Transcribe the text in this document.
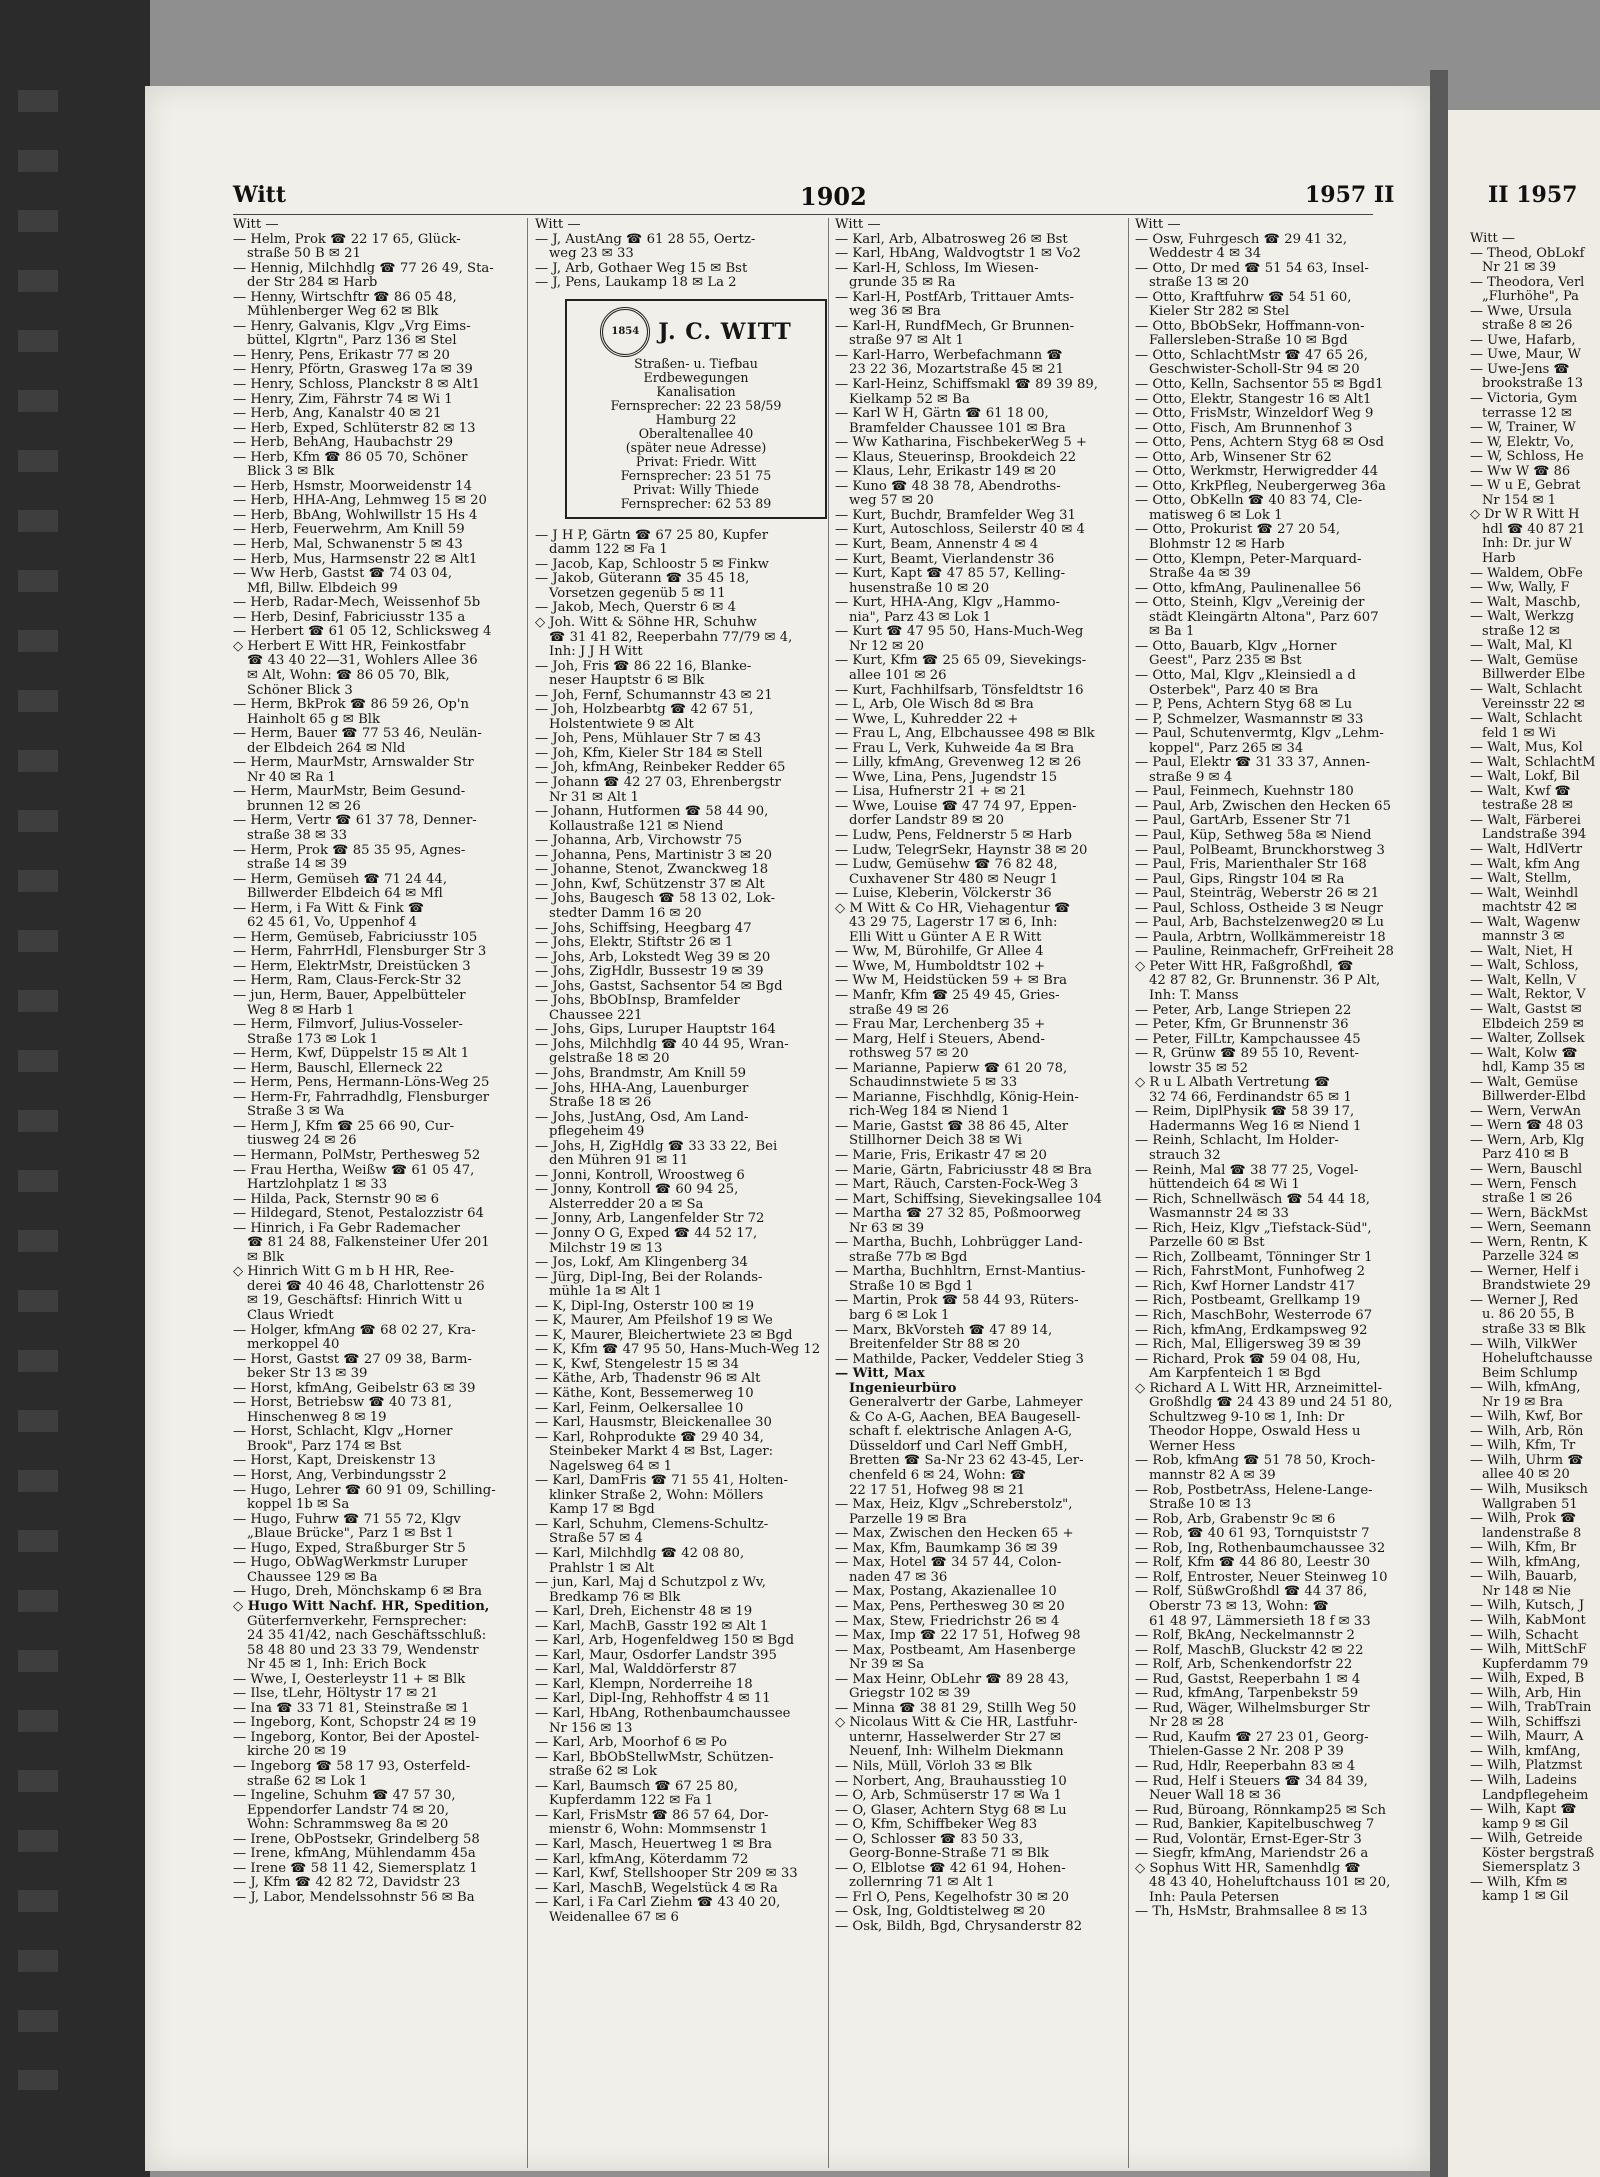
Witt	1902	1957 II	II 1957
Witt —
— Helm, Prok ☎ 22 17 65, Glück-
straße 50 B ✉ 21
— Hennig, Milchhdlg ☎ 77 26 49, Sta-
der Str 284 ✉ Harb
— Henny, Wirtschftr ☎ 86 05 48,
Mühlenberger Weg 62 ✉ Blk
— Henry, Galvanis, Klgv „Vrg Eims-
büttel, Klgrtn", Parz 136 ✉ Stel
— Henry, Pens, Erikastr 77 ✉ 20
— Henry, Pförtn, Grasweg 17a ✉ 39
— Henry, Schloss, Planckstr 8 ✉ Alt1
— Henry, Zim, Fährstr 74 ✉ Wi 1
— Herb, Ang, Kanalstr 40 ✉ 21
— Herb, Exped, Schlüterstr 82 ✉ 13
— Herb, BehAng, Haubachstr 29
— Herb, Kfm ☎ 86 05 70, Schöner
Blick 3 ✉ Blk
— Herb, Hsmstr, Moorweidenstr 14
— Herb, HHA-Ang, Lehmweg 15 ✉ 20
— Herb, BbAng, Wohlwillstr 15 Hs 4
— Herb, Feuerwehrm, Am Knill 59
— Herb, Mal, Schwanenstr 5 ✉ 43
— Herb, Mus, Harmsenstr 22 ✉ Alt1
— Ww Herb, Gastst ☎ 74 03 04,
Mfl, Billw. Elbdeich 99
— Herb, Radar-Mech, Weissenhof 5b
— Herb, Desinf, Fabriciusstr 135 a
— Herbert ☎ 61 05 12, Schlicksweg 4
◇ Herbert E Witt HR, Feinkostfabr
☎ 43 40 22—31, Wohlers Allee 36
✉ Alt, Wohn: ☎ 86 05 70, Blk,
Schöner Blick 3
— Herm, BkProk ☎ 86 59 26, Op'n
Hainholt 65 g ✉ Blk
— Herm, Bauer ☎ 77 53 46, Neulän-
der Elbdeich 264 ✉ Nld
— Herm, MaurMstr, Arnswalder Str
Nr 40 ✉ Ra 1
— Herm, MaurMstr, Beim Gesund-
brunnen 12 ✉ 26
— Herm, Vertr ☎ 61 37 78, Denner-
straße 38 ✉ 33
— Herm, Prok ☎ 85 35 95, Agnes-
straße 14 ✉ 39
— Herm, Gemüseh ☎ 71 24 44,
Billwerder Elbdeich 64 ✉ Mfl
— Herm, i Fa Witt & Fink ☎
62 45 61, Vo, Uppenhof 4
— Herm, Gemüseb, Fabriciusstr 105
— Herm, FahrrHdl, Flensburger Str 3
— Herm, ElektrMstr, Dreistücken 3
— Herm, Ram, Claus-Ferck-Str 32
— jun, Herm, Bauer, Appelbütteler
Weg 8 ✉ Harb 1
— Herm, Filmvorf, Julius-Vosseler-
Straße 173 ✉ Lok 1
— Herm, Kwf, Düppelstr 15 ✉ Alt 1
— Herm, Bauschl, Ellerneck 22
— Herm, Pens, Hermann-Löns-Weg 25
— Herm-Fr, Fahrradhdlg, Flensburger
Straße 3 ✉ Wa
— Herm J, Kfm ☎ 25 66 90, Cur-
tiusweg 24 ✉ 26
— Hermann, PolMstr, Perthesweg 52
— Frau Hertha, Weißw ☎ 61 05 47,
Hartzlohplatz 1 ✉ 33
— Hilda, Pack, Sternstr 90 ✉ 6
— Hildegard, Stenot, Pestalozzistr 64
— Hinrich, i Fa Gebr Rademacher
☎ 81 24 88, Falkensteiner Ufer 201
✉ Blk
◇ Hinrich Witt G m b H HR, Ree-
derei ☎ 40 46 48, Charlottenstr 26
✉ 19, Geschäftsf: Hinrich Witt u
Claus Wriedt
— Holger, kfmAng ☎ 68 02 27, Kra-
merkoppel 40
— Horst, Gastst ☎ 27 09 38, Barm-
beker Str 13 ✉ 39
— Horst, kfmAng, Geibelstr 63 ✉ 39
— Horst, Betriebsw ☎ 40 73 81,
Hinschenweg 8 ✉ 19
— Horst, Schlacht, Klgv „Horner
Brook", Parz 174 ✉ Bst
— Horst, Kapt, Dreiskenstr 13
— Horst, Ang, Verbindungsstr 2
— Hugo, Lehrer ☎ 60 91 09, Schilling-
koppel 1b ✉ Sa
— Hugo, Fuhrw ☎ 71 55 72, Klgv
„Blaue Brücke", Parz 1 ✉ Bst 1
— Hugo, Exped, Straßburger Str 5
— Hugo, ObWagWerkmstr Luruper
Chaussee 129 ✉ Ba
— Hugo, Dreh, Mönchskamp 6 ✉ Bra
◇ Hugo Witt Nachf. HR, Spedition,
Güterfernverkehr, Fernsprecher:
24 35 41/42, nach Geschäftsschluß:
58 48 80 und 23 33 79, Wendenstr
Nr 45 ✉ 1, Inh: Erich Bock
— Wwe, I, Oesterleystr 11 + ✉ Blk
— Ilse, tLehr, Höltystr 17 ✉ 21
— Ina ☎ 33 71 81, Steinstraße ✉ 1
— Ingeborg, Kont, Schopstr 24 ✉ 19
— Ingeborg, Kontor, Bei der Apostel-
kirche 20 ✉ 19
— Ingeborg ☎ 58 17 93, Osterfeld-
straße 62 ✉ Lok 1
— Ingeline, Schuhm ☎ 47 57 30,
Eppendorfer Landstr 74 ✉ 20,
Wohn: Schrammsweg 8a ✉ 20
— Irene, ObPostsekr, Grindelberg 58
— Irene, kfmAng, Mühlendamm 45a
— Irene ☎ 58 11 42, Siemersplatz 1
— J, Kfm ☎ 42 82 72, Davidstr 23
— J, Labor, Mendelssohnstr 56 ✉ Ba
Witt —
— J, AustAng ☎ 61 28 55, Oertz-
weg 23 ✉ 33
— J, Arb, Gothaer Weg 15 ✉ Bst
— J, Pens, Laukamp 18 ✉ La 2
1854 J. C. WITT
Straßen- u. Tiefbau
Erdbewegungen
Kanalisation
Fernsprecher: 22 23 58/59
Hamburg 22
Oberaltenallee 40
(später neue Adresse)
Privat: Friedr. Witt
Fernsprecher: 23 51 75
Privat: Willy Thiede
Fernsprecher: 62 53 89
— J H P, Gärtn ☎ 67 25 80, Kupfer
damm 122 ✉ Fa 1
— Jacob, Kap, Schloostr 5 ✉ Finkw
— Jakob, Güterann ☎ 35 45 18,
Vorsetzen gegenüb 5 ✉ 11
— Jakob, Mech, Querstr 6 ✉ 4
◇ Joh. Witt & Söhne HR, Schuhw
☎ 31 41 82, Reeperbahn 77/79 ✉ 4,
Inh: J J H Witt
— Joh, Fris ☎ 86 22 16, Blanke-
neser Hauptstr 6 ✉ Blk
— Joh, Fernf, Schumannstr 43 ✉ 21
— Joh, Holzbearbtg ☎ 42 67 51,
Holstentwiete 9 ✉ Alt
— Joh, Pens, Mühlauer Str 7 ✉ 43
— Joh, Kfm, Kieler Str 184 ✉ Stell
— Joh, kfmAng, Reinbeker Redder 65
— Johann ☎ 42 27 03, Ehrenbergstr
Nr 31 ✉ Alt 1
— Johann, Hutformen ☎ 58 44 90,
Kollaustraße 121 ✉ Niend
— Johanna, Arb, Virchowstr 75
— Johanna, Pens, Martinistr 3 ✉ 20
— Johanne, Stenot, Zwanckweg 18
— John, Kwf, Schützenstr 37 ✉ Alt
— Johs, Baugesch ☎ 58 13 02, Lok-
stedter Damm 16 ✉ 20
— Johs, Schiffsing, Heegbarg 47
— Johs, Elektr, Stiftstr 26 ✉ 1
— Johs, Arb, Lokstedt Weg 39 ✉ 20
— Johs, ZigHdlr, Bussestr 19 ✉ 39
— Johs, Gastst, Sachsentor 54 ✉ Bgd
— Johs, BbObInsp, Bramfelder
Chaussee 221
— Johs, Gips, Luruper Hauptstr 164
— Johs, Milchhdlg ☎ 40 44 95, Wran-
gelstraße 18 ✉ 20
— Johs, Brandmstr, Am Knill 59
— Johs, HHA-Ang, Lauenburger
Straße 18 ✉ 26
— Johs, JustAng, Osd, Am Land-
pflegeheim 49
— Johs, H, ZigHdlg ☎ 33 33 22, Bei
den Mühren 91 ✉ 11
— Jonni, Kontroll, Wroostweg 6
— Jonny, Kontroll ☎ 60 94 25,
Alsterredder 20 a ✉ Sa
— Jonny, Arb, Langenfelder Str 72
— Jonny O G, Exped ☎ 44 52 17,
Milchstr 19 ✉ 13
— Jos, Lokf, Am Klingenberg 34
— Jürg, Dipl-Ing, Bei der Rolands-
mühle 1a ✉ Alt 1
— K, Dipl-Ing, Osterstr 100 ✉ 19
— K, Maurer, Am Pfeilshof 19 ✉ We
— K, Maurer, Bleichertwiete 23 ✉ Bgd
— K, Kfm ☎ 47 95 50, Hans-Much-Weg 12
— K, Kwf, Stengelestr 15 ✉ 34
— Käthe, Arb, Thadenstr 96 ✉ Alt
— Käthe, Kont, Bessemerweg 10
— Karl, Feinm, Oelkersallee 10
— Karl, Hausmstr, Bleickenallee 30
— Karl, Rohprodukte ☎ 29 40 34,
Steinbeker Markt 4 ✉ Bst, Lager:
Nagelsweg 64 ✉ 1
— Karl, DamFris ☎ 71 55 41, Holten-
klinker Straße 2, Wohn: Möllers
Kamp 17 ✉ Bgd
— Karl, Schuhm, Clemens-Schultz-
Straße 57 ✉ 4
— Karl, Milchhdlg ☎ 42 08 80,
Prahlstr 1 ✉ Alt
— jun, Karl, Maj d Schutzpol z Wv,
Bredkamp 76 ✉ Blk
— Karl, Dreh, Eichenstr 48 ✉ 19
— Karl, MachB, Gasstr 192 ✉ Alt 1
— Karl, Arb, Hogenfeldweg 150 ✉ Bgd
— Karl, Maur, Osdorfer Landstr 395
— Karl, Mal, Walddörferstr 87
— Karl, Klempn, Norderreihe 18
— Karl, Dipl-Ing, Rehhoffstr 4 ✉ 11
— Karl, HbAng, Rothenbaumchaussee
Nr 156 ✉ 13
— Karl, Arb, Moorhof 6 ✉ Po
— Karl, BbObStellwMstr, Schützen-
straße 62 ✉ Lok
— Karl, Baumsch ☎ 67 25 80,
Kupferdamm 122 ✉ Fa 1
— Karl, FrisMstr ☎ 86 57 64, Dor-
mienstr 6, Wohn: Mommsenstr 1
— Karl, Masch, Heuertweg 1 ✉ Bra
— Karl, kfmAng, Köterdamm 72
— Karl, Kwf, Stellshooper Str 209 ✉ 33
— Karl, MaschB, Wegelstück 4 ✉ Ra
— Karl, i Fa Carl Ziehm ☎ 43 40 20,
Weidenallee 67 ✉ 6
Witt —
— Karl, Arb, Albatrosweg 26 ✉ Bst
— Karl, HbAng, Waldvogtstr 1 ✉ Vo2
— Karl-H, Schloss, Im Wiesen-
grunde 35 ✉ Ra
— Karl-H, PostfArb, Trittauer Amts-
weg 36 ✉ Bra
— Karl-H, RundfMech, Gr Brunnen-
straße 97 ✉ Alt 1
— Karl-Harro, Werbefachmann ☎
23 22 36, Mozartstraße 45 ✉ 21
— Karl-Heinz, Schiffsmakl ☎ 89 39 89,
Kielkamp 52 ✉ Ba
— Karl W H, Gärtn ☎ 61 18 00,
Bramfelder Chaussee 101 ✉ Bra
— Ww Katharina, FischbekerWeg 5 +
— Klaus, Steuerinsp, Brookdeich 22
— Klaus, Lehr, Erikastr 149 ✉ 20
— Kuno ☎ 48 38 78, Abendroths-
weg 57 ✉ 20
— Kurt, Buchdr, Bramfelder Weg 31
— Kurt, Autoschloss, Seilerstr 40 ✉ 4
— Kurt, Beam, Annenstr 4 ✉ 4
— Kurt, Beamt, Vierlandenstr 36
— Kurt, Kapt ☎ 47 85 57, Kelling-
husenstraße 10 ✉ 20
— Kurt, HHA-Ang, Klgv „Hammo-
nia", Parz 43 ✉ Lok 1
— Kurt ☎ 47 95 50, Hans-Much-Weg
Nr 12 ✉ 20
— Kurt, Kfm ☎ 25 65 09, Sievekings-
allee 101 ✉ 26
— Kurt, Fachhilfsarb, Tönsfeldtstr 16
— L, Arb, Ole Wisch 8d ✉ Bra
— Wwe, L, Kuhredder 22 +
— Frau L, Ang, Elbchaussee 498 ✉ Blk
— Frau L, Verk, Kuhweide 4a ✉ Bra
— Lilly, kfmAng, Grevenweg 12 ✉ 26
— Wwe, Lina, Pens, Jugendstr 15
— Lisa, Hufnerstr 21 + ✉ 21
— Wwe, Louise ☎ 47 74 97, Eppen-
dorfer Landstr 89 ✉ 20
— Ludw, Pens, Feldnerstr 5 ✉ Harb
— Ludw, TelegrSekr, Haynstr 38 ✉ 20
— Ludw, Gemüsehw ☎ 76 82 48,
Cuxhavener Str 480 ✉ Neugr 1
— Luise, Kleberin, Völckerstr 36
◇ M Witt & Co HR, Viehagentur ☎
43 29 75, Lagerstr 17 ✉ 6, Inh:
Elli Witt u Günter A E R Witt
— Ww, M, Bürohilfe, Gr Allee 4
— Wwe, M, Humboldtstr 102 +
— Ww M, Heidstücken 59 + ✉ Bra
— Manfr, Kfm ☎ 25 49 45, Gries-
straße 49 ✉ 26
— Frau Mar, Lerchenberg 35 +
— Marg, Helf i Steuers, Abend-
rothsweg 57 ✉ 20
— Marianne, Papierw ☎ 61 20 78,
Schaudinnstwiete 5 ✉ 33
— Marianne, Fischhdlg, König-Hein-
rich-Weg 184 ✉ Niend 1
— Marie, Gastst ☎ 38 86 45, Alter
Stillhorner Deich 38 ✉ Wi
— Marie, Fris, Erikastr 47 ✉ 20
— Marie, Gärtn, Fabriciusstr 48 ✉ Bra
— Mart, Räuch, Carsten-Fock-Weg 3
— Mart, Schiffsing, Sievekingsallee 104
— Martha ☎ 27 32 85, Poßmoorweg
Nr 63 ✉ 39
— Martha, Buchh, Lohbrügger Land-
straße 77b ✉ Bgd
— Martha, Buchhltrn, Ernst-Mantius-
Straße 10 ✉ Bgd 1
— Martin, Prok ☎ 58 44 93, Rüters-
barg 6 ✉ Lok 1
— Marx, BkVorsteh ☎ 47 89 14,
Breitenfelder Str 88 ✉ 20
— Mathilde, Packer, Veddeler Stieg 3
— Witt, Max
Ingenieurbüro
Generalvertr der Garbe, Lahmeyer
& Co A-G, Aachen, BEA Baugesell-
schaft f. elektrische Anlagen A-G,
Düsseldorf und Carl Neff GmbH,
Bretten ☎ Sa-Nr 23 62 43-45, Ler-
chenfeld 6 ✉ 24, Wohn: ☎
22 17 51, Hofweg 98 ✉ 21
— Max, Heiz, Klgv „Schreberstolz",
Parzelle 19 ✉ Bra
— Max, Zwischen den Hecken 65 +
— Max, Kfm, Baumkamp 36 ✉ 39
— Max, Hotel ☎ 34 57 44, Colon-
naden 47 ✉ 36
— Max, Postang, Akazienallee 10
— Max, Pens, Perthesweg 30 ✉ 20
— Max, Stew, Friedrichstr 26 ✉ 4
— Max, Imp ☎ 22 17 51, Hofweg 98
— Max, Postbeamt, Am Hasenberge
Nr 39 ✉ Sa
— Max Heinr, ObLehr ☎ 89 28 43,
Griegstr 102 ✉ 39
— Minna ☎ 38 81 29, Stillh Weg 50
◇ Nicolaus Witt & Cie HR, Lastfuhr-
unternr, Hasselwerder Str 27 ✉
Neuenf, Inh: Wilhelm Diekmann
— Nils, Müll, Vörloh 33 ✉ Blk
— Norbert, Ang, Brauhausstieg 10
— O, Arb, Schmüserstr 17 ✉ Wa 1
— O, Glaser, Achtern Styg 68 ✉ Lu
— O, Kfm, Schiffbeker Weg 83
— O, Schlosser ☎ 83 50 33,
Georg-Bonne-Straße 71 ✉ Blk
— O, Elblotse ☎ 42 61 94, Hohen-
zollernring 71 ✉ Alt 1
— Frl O, Pens, Kegelhofstr 30 ✉ 20
— Osk, Ing, Goldtistelweg ✉ 20
— Osk, Bildh, Bgd, Chrysanderstr 82
Witt —
— Osw, Fuhrgesch ☎ 29 41 32,
Weddestr 4 ✉ 34
— Otto, Dr med ☎ 51 54 63, Insel-
straße 13 ✉ 20
— Otto, Kraftfuhrw ☎ 54 51 60,
Kieler Str 282 ✉ Stel
— Otto, BbObSekr, Hoffmann-von-
Fallersleben-Straße 10 ✉ Bgd
— Otto, SchlachtMstr ☎ 47 65 26,
Geschwister-Scholl-Str 94 ✉ 20
— Otto, Kelln, Sachsentor 55 ✉ Bgd1
— Otto, Elektr, Stangestr 16 ✉ Alt1
— Otto, FrisMstr, Winzeldorf Weg 9
— Otto, Fisch, Am Brunnenhof 3
— Otto, Pens, Achtern Styg 68 ✉ Osd
— Otto, Arb, Winsener Str 62
— Otto, Werkmstr, Herwigredder 44
— Otto, KrkPfleg, Neubergerweg 36a
— Otto, ObKelln ☎ 40 83 74, Cle-
matisweg 6 ✉ Lok 1
— Otto, Prokurist ☎ 27 20 54,
Blohmstr 12 ✉ Harb
— Otto, Klempn, Peter-Marquard-
Straße 4a ✉ 39
— Otto, kfmAng, Paulinenallee 56
— Otto, Steinh, Klgv „Vereinig der
städt Kleingärtn Altona", Parz 607
✉ Ba 1
— Otto, Bauarb, Klgv „Horner
Geest", Parz 235 ✉ Bst
— Otto, Mal, Klgv „Kleinsiedl a d
Osterbek", Parz 40 ✉ Bra
— P, Pens, Achtern Styg 68 ✉ Lu
— P, Schmelzer, Wasmannstr ✉ 33
— Paul, Schutenvermtg, Klgv „Lehm-
koppel", Parz 265 ✉ 34
— Paul, Elektr ☎ 31 33 37, Annen-
straße 9 ✉ 4
— Paul, Feinmech, Kuehnstr 180
— Paul, Arb, Zwischen den Hecken 65
— Paul, GartArb, Essener Str 71
— Paul, Küp, Sethweg 58a ✉ Niend
— Paul, PolBeamt, Brunckhorstweg 3
— Paul, Fris, Marienthaler Str 168
— Paul, Gips, Ringstr 104 ✉ Ra
— Paul, Steinträg, Weberstr 26 ✉ 21
— Paul, Schloss, Ostheide 3 ✉ Neugr
— Paul, Arb, Bachstelzenweg20 ✉ Lu
— Paula, Arbtrn, Wollkämmereistr 18
— Pauline, Reinmachefr, GrFreiheit 28
◇ Peter Witt HR, Faßgroßhdl, ☎
42 87 82, Gr. Brunnenstr. 36 P Alt,
Inh: T. Manss
— Peter, Arb, Lange Striepen 22
— Peter, Kfm, Gr Brunnenstr 36
— Peter, FilLtr, Kampchaussee 45
— R, Grünw ☎ 89 55 10, Revent-
lowstr 35 ✉ 52
◇ R u L Albath Vertretung ☎
32 74 66, Ferdinandstr 65 ✉ 1
— Reim, DiplPhysik ☎ 58 39 17,
Hadermanns Weg 16 ✉ Niend 1
— Reinh, Schlacht, Im Holder-
strauch 32
— Reinh, Mal ☎ 38 77 25, Vogel-
hüttendeich 64 ✉ Wi 1
— Rich, Schnellwäsch ☎ 54 44 18,
Wasmannstr 24 ✉ 33
— Rich, Heiz, Klgv „Tiefstack-Süd",
Parzelle 60 ✉ Bst
— Rich, Zollbeamt, Tönninger Str 1
— Rich, FahrstMont, Funhofweg 2
— Rich, Kwf Horner Landstr 417
— Rich, Postbeamt, Grellkamp 19
— Rich, MaschBohr, Westerrode 67
— Rich, kfmAng, Erdkampsweg 92
— Rich, Mal, Elligersweg 39 ✉ 39
— Richard, Prok ☎ 59 04 08, Hu,
Am Karpfenteich 1 ✉ Bgd
◇ Richard A L Witt HR, Arzneimittel-
Großhdlg ☎ 24 43 89 und 24 51 80,
Schultzweg 9-10 ✉ 1, Inh: Dr
Theodor Hoppe, Oswald Hess u
Werner Hess
— Rob, kfmAng ☎ 51 78 50, Kroch-
mannstr 82 A ✉ 39
— Rob, PostbetrAss, Helene-Lange-
Straße 10 ✉ 13
— Rob, Arb, Grabenstr 9c ✉ 6
— Rob, ☎ 40 61 93, Tornquiststr 7
— Rob, Ing, Rothenbaumchaussee 32
— Rolf, Kfm ☎ 44 86 80, Leestr 30
— Rolf, Entroster, Neuer Steinweg 10
— Rolf, SüßwGroßhdl ☎ 44 37 86,
Oberstr 73 ✉ 13, Wohn: ☎
61 48 97, Lämmersieth 18 f ✉ 33
— Rolf, BkAng, Neckelmannstr 2
— Rolf, MaschB, Gluckstr 42 ✉ 22
— Rolf, Arb, Schenkendorfstr 22
— Rud, Gastst, Reeperbahn 1 ✉ 4
— Rud, kfmAng, Tarpenbekstr 59
— Rud, Wäger, Wilhelmsburger Str
Nr 28 ✉ 28
— Rud, Kaufm ☎ 27 23 01, Georg-
Thielen-Gasse 2 Nr. 208 P 39
— Rud, Hdlr, Reeperbahn 83 ✉ 4
— Rud, Helf i Steuers ☎ 34 84 39,
Neuer Wall 18 ✉ 36
— Rud, Büroang, Rönnkamp25 ✉ Sch
— Rud, Bankier, Kapitelbuschweg 7
— Rud, Volontär, Ernst-Eger-Str 3
— Siegfr, kfmAng, Mariendstr 26 a
◇ Sophus Witt HR, Samenhdlg ☎
48 43 40, Hoheluftchauss 101 ✉ 20,
Inh: Paula Petersen
— Th, HsMstr, Brahmsallee 8 ✉ 13
Witt —
— Theod, ObLokf
Nr 21 ✉ 39
— Theodora, Verl
„Flurhöhe", Pa
— Wwe, Ursula
straße 8 ✉ 26
— Uwe, Hafarb,
— Uwe, Maur, W
— Uwe-Jens ☎
brookstraße 13
— Victoria, Gym
terrasse 12 ✉
— W, Trainer, W
— W, Elektr, Vo,
— W, Schloss, He
— Ww W ☎ 86
— W u E, Gebrat
Nr 154 ✉ 1
◇ Dr W R Witt H
hdl ☎ 40 87 21
Inh: Dr. jur W
Harb
— Waldem, ObFe
— Ww, Wally, F
— Walt, Maschb,
— Walt, Werkzg
straße 12 ✉
— Walt, Mal, Kl
— Walt, Gemüse
Billwerder Elbe
— Walt, Schlacht
Vereinsstr 22 ✉
— Walt, Schlacht
feld 1 ✉ Wi
— Walt, Mus, Kol
— Walt, SchlachtM
— Walt, Lokf, Bil
— Walt, Kwf ☎
testraße 28 ✉
— Walt, Färberei
Landstraße 394
— Walt, HdlVertr
— Walt, kfm Ang
— Walt, Stellm,
— Walt, Weinhdl
machtstr 42 ✉
— Walt, Wagenw
mannstr 3 ✉
— Walt, Niet, H
— Walt, Schloss,
— Walt, Kelln, V
— Walt, Rektor, V
— Walt, Gastst ✉
Elbdeich 259 ✉
— Walter, Zollsek
— Walt, Kolw ☎
hdl, Kamp 35 ✉
— Walt, Gemüse
Billwerder-Elbd
— Wern, VerwAn
— Wern ☎ 48 03
— Wern, Arb, Klg
Parz 410 ✉ B
— Wern, Bauschl
— Wern, Fensch
straße 1 ✉ 26
— Wern, BäckMst
— Wern, Seemann
— Wern, Rentn, K
Parzelle 324 ✉
— Werner, Helf i
Brandstwiete 29
— Werner J, Red
u. 86 20 55, B
straße 33 ✉ Blk
— Wilh, VilkWer
Hoheluftchausse
Beim Schlump
— Wilh, kfmAng,
Nr 19 ✉ Bra
— Wilh, Kwf, Bor
— Wilh, Arb, Rön
— Wilh, Kfm, Tr
— Wilh, Uhrm ☎
allee 40 ✉ 20
— Wilh, Musiksch
Wallgraben 51
— Wilh, Prok ☎
landenstraße 8
— Wilh, Kfm, Br
— Wilh, kfmAng,
— Wilh, Bauarb,
Nr 148 ✉ Nie
— Wilh, Kutsch, J
— Wilh, KabMont
— Wilh, Schacht
— Wilh, MittSchF
Kupferdamm 79
— Wilh, Exped, B
— Wilh, Arb, Hin
— Wilh, TrabTrain
— Wilh, Schiffszi
— Wilh, Maurr, A
— Wilh, kmfAng,
— Wilh, Platzmst
— Wilh, Ladeins
Landpflegeheim
— Wilh, Kapt ☎
kamp 9 ✉ Gil
— Wilh, Getreide
Köster bergstraß
Siemersplatz 3
— Wilh, Kfm ✉
kamp 1 ✉ Gil
